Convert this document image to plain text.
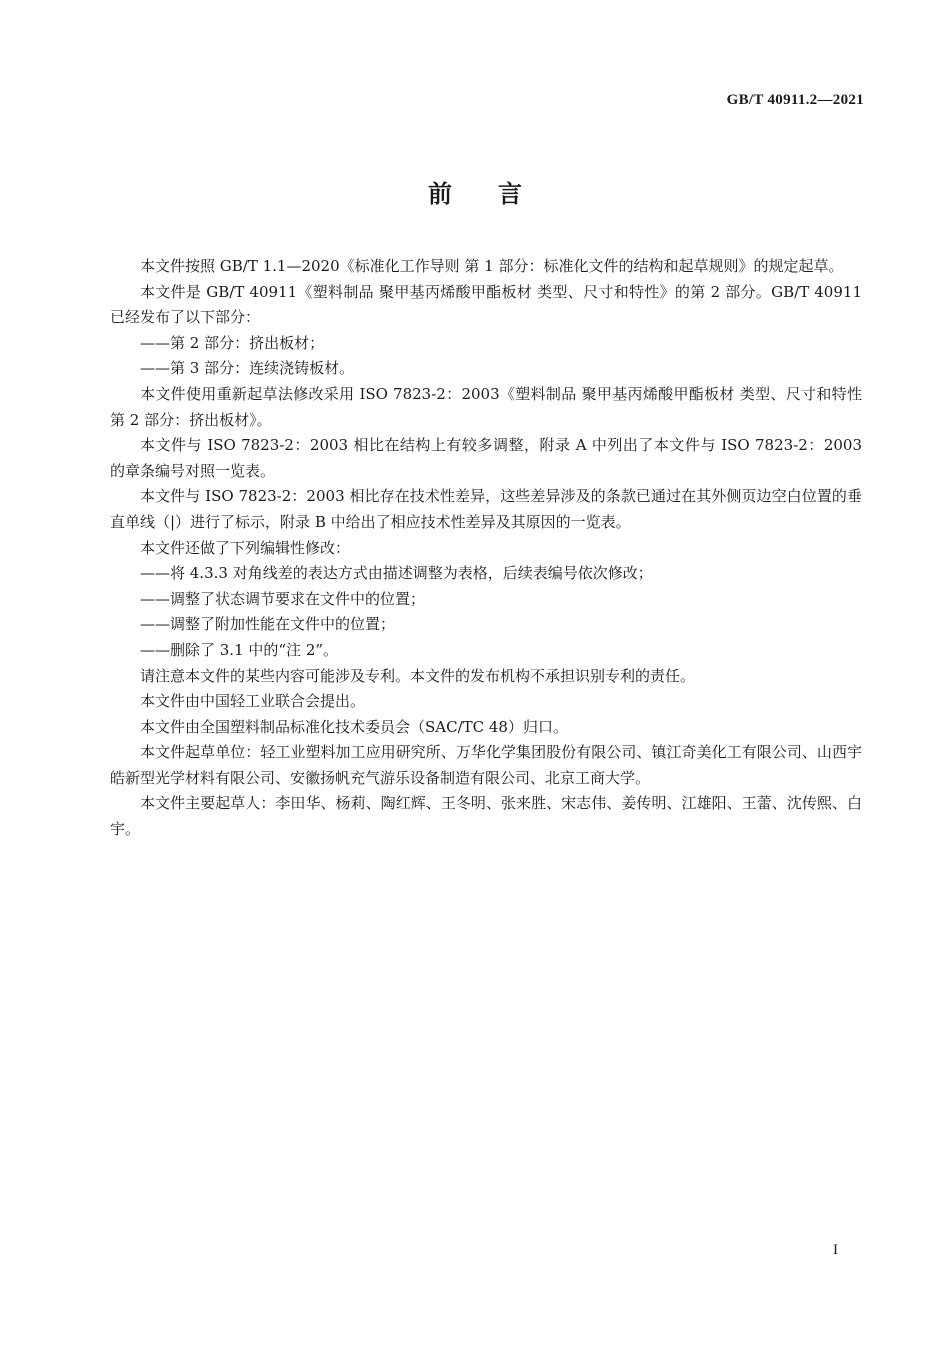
GB/T 40911.2—2021

前言

本文件按照 GB/T 1.1—2020《标准化工作导则 第 1 部分：标准化文件的结构和起草规则》的规定起草。

本文件是 GB/T 40911《塑料制品 聚甲基丙烯酸甲酯板材 类型、尺寸和特性》的第 2 部分。GB/T 40911 已经发布了以下部分：

——第 2 部分：挤出板材；

——第 3 部分：连续浇铸板材。

本文件使用重新起草法修改采用 ISO 7823-2：2003《塑料制品 聚甲基丙烯酸甲酯板材 类型、尺寸和特性 第 2 部分：挤出板材》。

本文件与 ISO 7823-2：2003 相比在结构上有较多调整，附录 A 中列出了本文件与 ISO 7823-2：2003 的章条编号对照一览表。

本文件与 ISO 7823-2：2003 相比存在技术性差异，这些差异涉及的条款已通过在其外侧页边空白位置的垂直单线（|）进行了标示，附录 B 中给出了相应技术性差异及其原因的一览表。

本文件还做了下列编辑性修改：

——将 4.3.3 对角线差的表达方式由描述调整为表格，后续表编号依次修改；

——调整了状态调节要求在文件中的位置；

——调整了附加性能在文件中的位置；

——删除了 3.1 中的“注 2”。

请注意本文件的某些内容可能涉及专利。本文件的发布机构不承担识别专利的责任。

本文件由中国轻工业联合会提出。

本文件由全国塑料制品标准化技术委员会（SAC/TC 48）归口。

本文件起草单位：轻工业塑料加工应用研究所、万华化学集团股份有限公司、镇江奇美化工有限公司、山西宇皓新型光学材料有限公司、安徽扬帆充气游乐设备制造有限公司、北京工商大学。

本文件主要起草人：李田华、杨莉、陶红辉、王冬明、张来胜、宋志伟、姜传明、江雄阳、王蕾、沈传熙、白宇。

I
